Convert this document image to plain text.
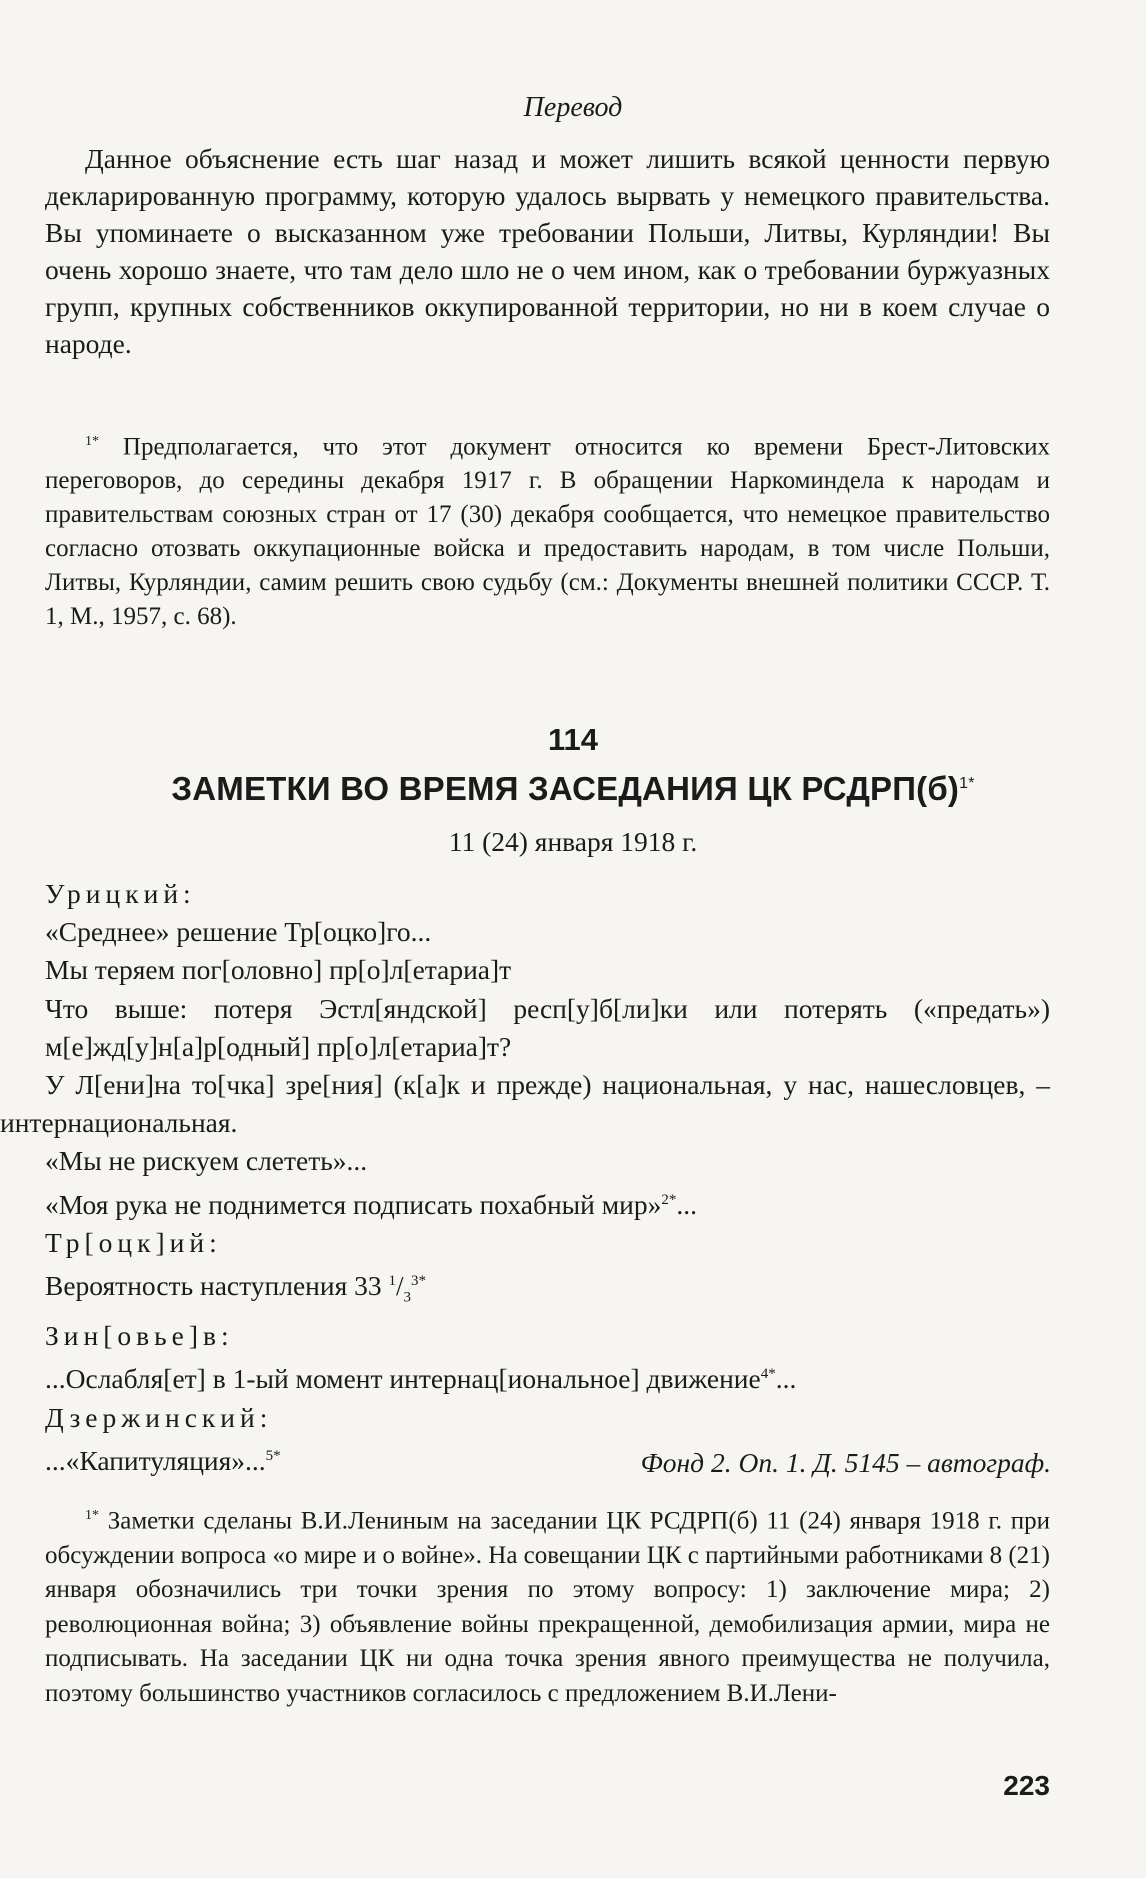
Перевод

Данное объяснение есть шаг назад и может лишить всякой ценности первую декларированную программу, которую удалось вырвать у немецкого правительства. Вы упоминаете о высказанном уже требовании Польши, Литвы, Курляндии! Вы очень хорошо знаете, что там дело шло не о чем ином, как о требовании буржуазных групп, крупных собственников оккупированной территории, но ни в коем случае о народе.

$^{1*}$ Предполагается, что этот документ относится ко времени Брест-Литовских переговоров, до середины декабря 1917 г. В обращении Наркоминдела к народам и правительствам союзных стран от 17 (30) декабря сообщается, что немецкое правительство согласно отозвать оккупационные войска и предоставить народам, в том числе Польши, Литвы, Курляндии, самим решить свою судьбу (см.: Документы внешней политики СССР. Т. 1, М., 1957, с. 68).

114
ЗАМЕТКИ ВО ВРЕМЯ ЗАСЕДАНИЯ ЦК $РСДРП(б)^{1*}$
11 (24) января 1918 г.
Урицкий:
«Среднее» решение Тр[оцко]го...
Мы теряем пог[оловно] пр[о]л[етариа]т
Что выше: потеря Эстл[яндской] респ[у]б[ли]ки или потерять («предать») м[е]жд[у]н[а]р[одный] пр[о]л[етариа]т?
У Л[ени]на то[чка] зре[ния] (к[а]к и прежде) национальная, у нас, нашесловцев, – интернациональная.
«Мы не рискуем слететь»...
«Моя рука не поднимется подписать похабный мир»$^{2*}$...
Тр[оцк]ий:
Вероятность наступления 33 $^1/_3^{3*}$
Зин[овье]в:
...Ослабля[ет] в 1-ый момент интернац[иональное] движение$^{4*}$...
Дзержинский:
...«Капитуляция»...$^{5*}$	Фонд 2. Оп. 1. Д. 5145 – автограф.

$^{1*}$ Заметки сделаны В.И.Лениным на заседании ЦК РСДРП(б) 11 (24) января 1918 г. при обсуждении вопроса «о мире и о войне». На совещании ЦК с партийными работниками 8 (21) января обозначились три точки зрения по этому вопросу: 1) заключение мира; 2) революционная война; 3) объявление войны прекращенной, демобилизация армии, мира не подписывать. На заседании ЦК ни одна точка зрения явного преимущества не получила, поэтому большинство участников согласилось с предложением В.И.Лени-

223
